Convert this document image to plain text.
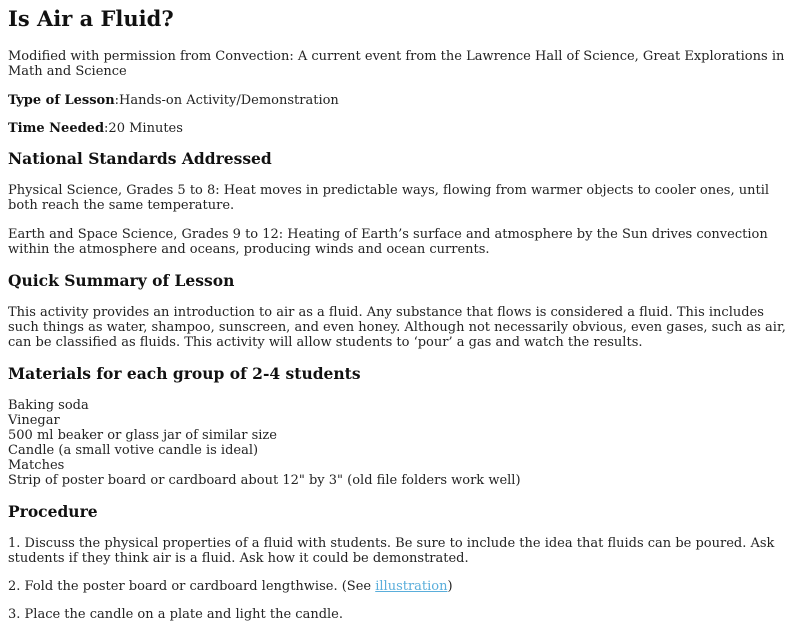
Is Air a Fluid?

Modified with permission from Convection: A current event from the Lawrence Hall of Science, Great Explorations in Math and Science

Type of Lesson:Hands-on Activity/Demonstration

Time Needed:20 Minutes

National Standards Addressed

Physical Science, Grades 5 to 8: Heat moves in predictable ways, flowing from warmer objects to cooler ones, until both reach the same temperature.

Earth and Space Science, Grades 9 to 12: Heating of Earth’s surface and atmosphere by the Sun drives convection within the atmosphere and oceans, producing winds and ocean currents.

Quick Summary of Lesson

This activity provides an introduction to air as a fluid. Any substance that flows is considered a fluid. This includes such things as water, shampoo, sunscreen, and even honey. Although not necessarily obvious, even gases, such as air, can be classified as fluids. This activity will allow students to ‘pour’ a gas and watch the results.

Materials for each group of 2-4 students
Baking soda
Vinegar
500 ml beaker or glass jar of similar size
Candle (a small votive candle is ideal)
Matches
Strip of poster board or cardboard about 12" by 3" (old file folders work well)
Procedure

1. Discuss the physical properties of a fluid with students. Be sure to include the idea that fluids can be poured. Ask students if they think air is a fluid. Ask how it could be demonstrated.

2. Fold the poster board or cardboard lengthwise. (See illustration)

3. Place the candle on a plate and light the candle.
